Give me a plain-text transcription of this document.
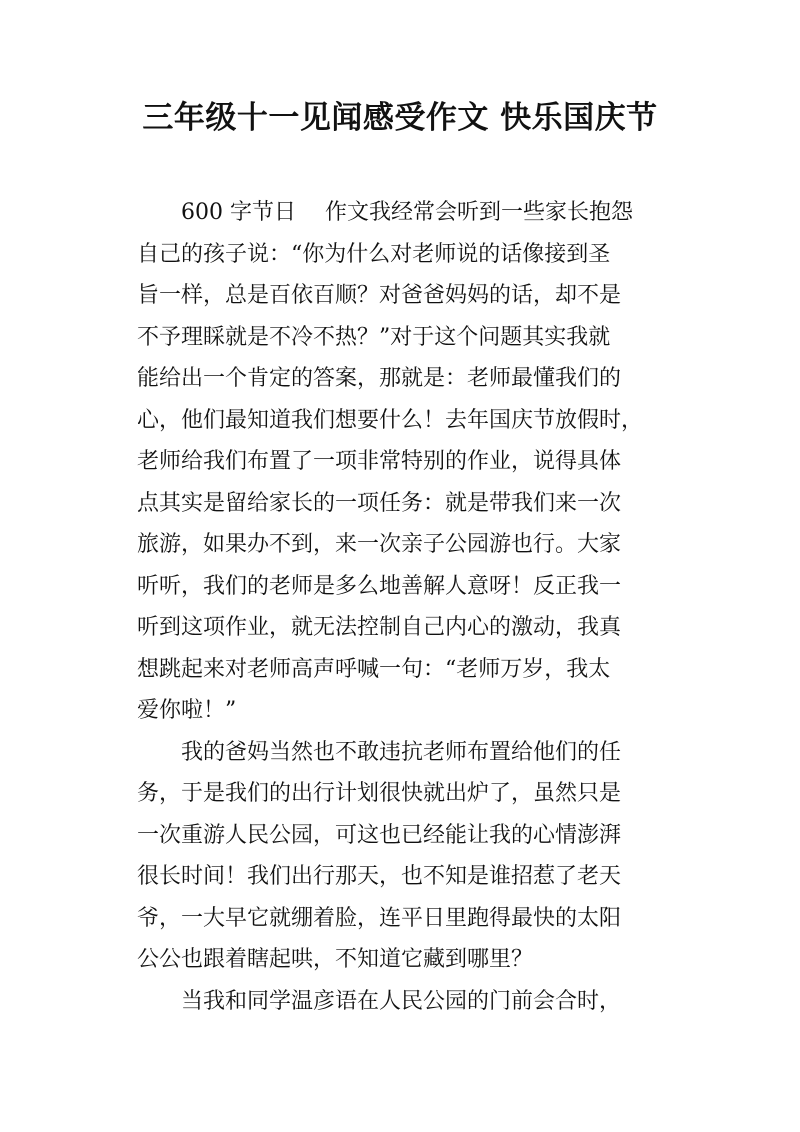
三年级十一见闻感受作文 快乐国庆节
600 字节日 　作文我经常会听到一些家长抱怨
自己的孩子说：“你为什么对老师说的话像接到圣
旨一样，总是百依百顺？对爸爸妈妈的话，却不是
不予理睬就是不冷不热？”对于这个问题其实我就
能给出一个肯定的答案，那就是：老师最懂我们的
心，他们最知道我们想要什么！去年国庆节放假时，
老师给我们布置了一项非常特别的作业，说得具体
点其实是留给家长的一项任务：就是带我们来一次
旅游，如果办不到，来一次亲子公园游也行。大家
听听，我们的老师是多么地善解人意呀！反正我一
听到这项作业，就无法控制自己内心的激动，我真
想跳起来对老师高声呼喊一句：“老师万岁，我太
爱你啦！”
我的爸妈当然也不敢违抗老师布置给他们的任
务，于是我们的出行计划很快就出炉了，虽然只是
一次重游人民公园，可这也已经能让我的心情澎湃
很长时间！我们出行那天，也不知是谁招惹了老天
爷，一大早它就绷着脸，连平日里跑得最快的太阳
公公也跟着瞎起哄，不知道它藏到哪里？
当我和同学温彦语在人民公园的门前会合时，
